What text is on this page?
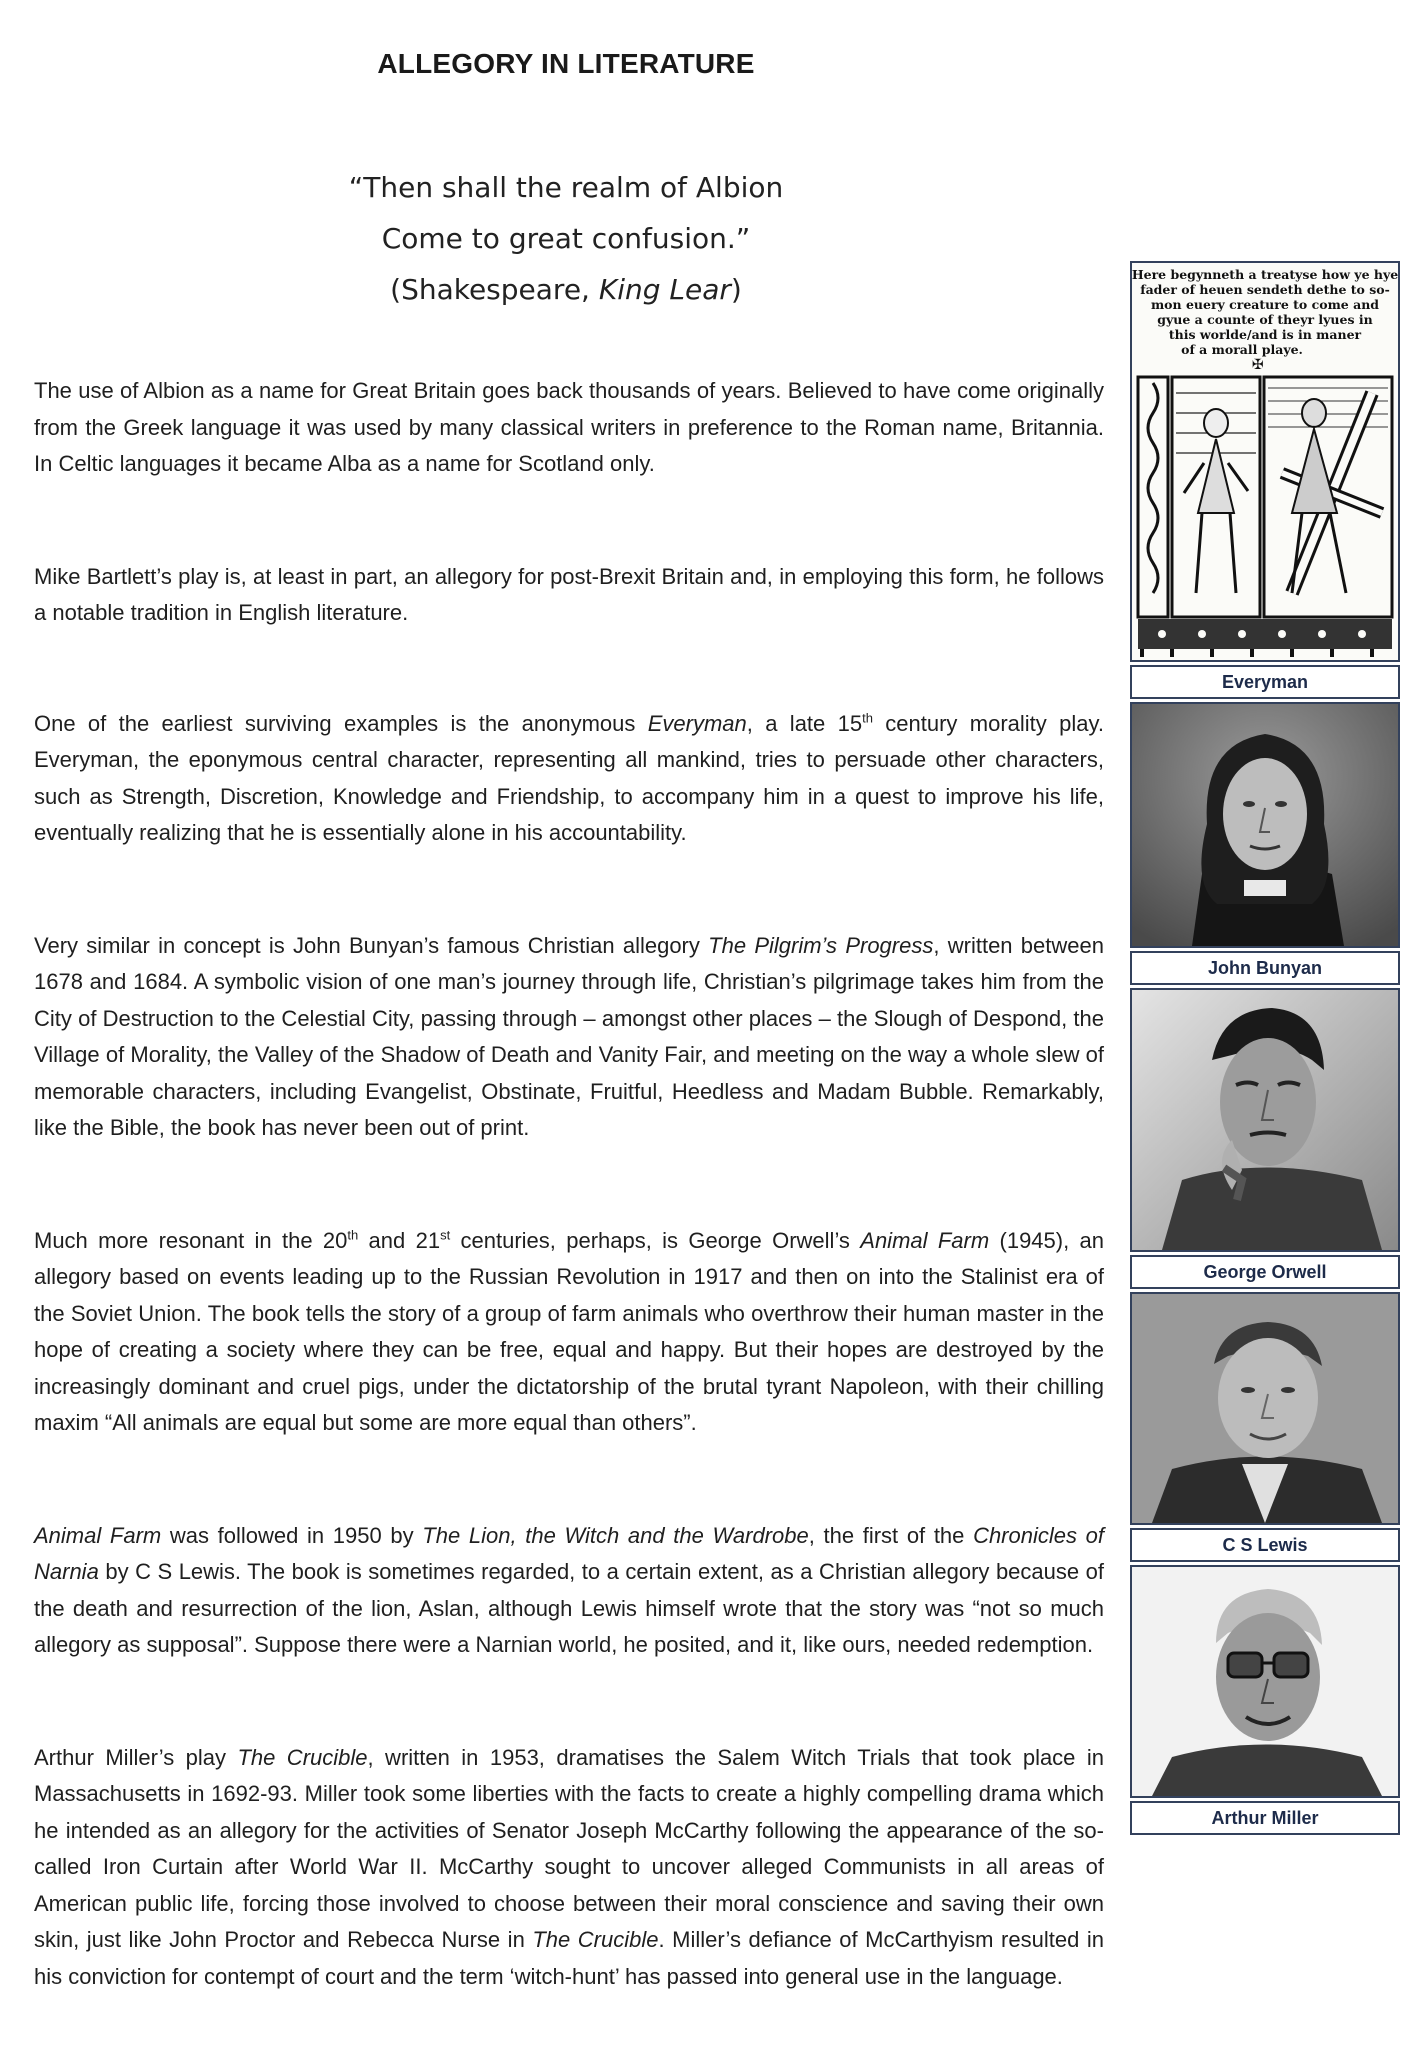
ALLEGORY IN LITERATURE
“Then shall the realm of Albion
Come to great confusion.”
(Shakespeare, King Lear)

The use of Albion as a name for Great Britain goes back thousands of years. Believed to have come originally from the Greek language it was used by many classical writers in preference to the Roman name, Britannia. In Celtic languages it became Alba as a name for Scotland only.

Mike Bartlett’s play is, at least in part, an allegory for post-Brexit Britain and, in employing this form, he follows a notable tradition in English literature.

One of the earliest surviving examples is the anonymous Everyman, a late 15th century morality play. Everyman, the eponymous central character, representing all mankind, tries to persuade other characters, such as Strength, Discretion, Knowledge and Friendship, to accompany him in a quest to improve his life, eventually realizing that he is essentially alone in his accountability.

Very similar in concept is John Bunyan’s famous Christian allegory The Pilgrim’s Progress, written between 1678 and 1684. A symbolic vision of one man’s journey through life, Christian’s pilgrimage takes him from the City of Destruction to the Celestial City, passing through – amongst other places – the Slough of Despond, the Village of Morality, the Valley of the Shadow of Death and Vanity Fair, and meeting on the way a whole slew of memorable characters, including Evangelist, Obstinate, Fruitful, Heedless and Madam Bubble. Remarkably, like the Bible, the book has never been out of print.

Much more resonant in the 20th and 21st centuries, perhaps, is George Orwell’s Animal Farm (1945), an allegory based on events leading up to the Russian Revolution in 1917 and then on into the Stalinist era of the Soviet Union. The book tells the story of a group of farm animals who overthrow their human master in the hope of creating a society where they can be free, equal and happy. But their hopes are destroyed by the increasingly dominant and cruel pigs, under the dictatorship of the brutal tyrant Napoleon, with their chilling maxim “All animals are equal but some are more equal than others”.

Animal Farm was followed in 1950 by The Lion, the Witch and the Wardrobe, the first of the Chronicles of Narnia by C S Lewis. The book is sometimes regarded, to a certain extent, as a Christian allegory because of the death and resurrection of the lion, Aslan, although Lewis himself wrote that the story was “not so much allegory as supposal”. Suppose there were a Narnian world, he posited, and it, like ours, needed redemption.

Arthur Miller’s play The Crucible, written in 1953, dramatises the Salem Witch Trials that took place in Massachusetts in 1692-93. Miller took some liberties with the facts to create a highly compelling drama which he intended as an allegory for the activities of Senator Joseph McCarthy following the appearance of the so-called Iron Curtain after World War II. McCarthy sought to uncover alleged Communists in all areas of American public life, forcing those involved to choose between their moral conscience and saving their own skin, just like John Proctor and Rebecca Nurse in The Crucible. Miller’s defiance of McCarthyism resulted in his conviction for contempt of court and the term ‘witch-hunt’ has passed into general use in the language.

Here begynneth a treatyse how ye hye
fader of heuen sendeth dethe to so-
mon euery creature to come and
gyue a counte of theyr lyues in
this worlde/and is in maner
of a morall playe.
✠
Everyman
John Bunyan
George Orwell
C S Lewis
Arthur Miller
